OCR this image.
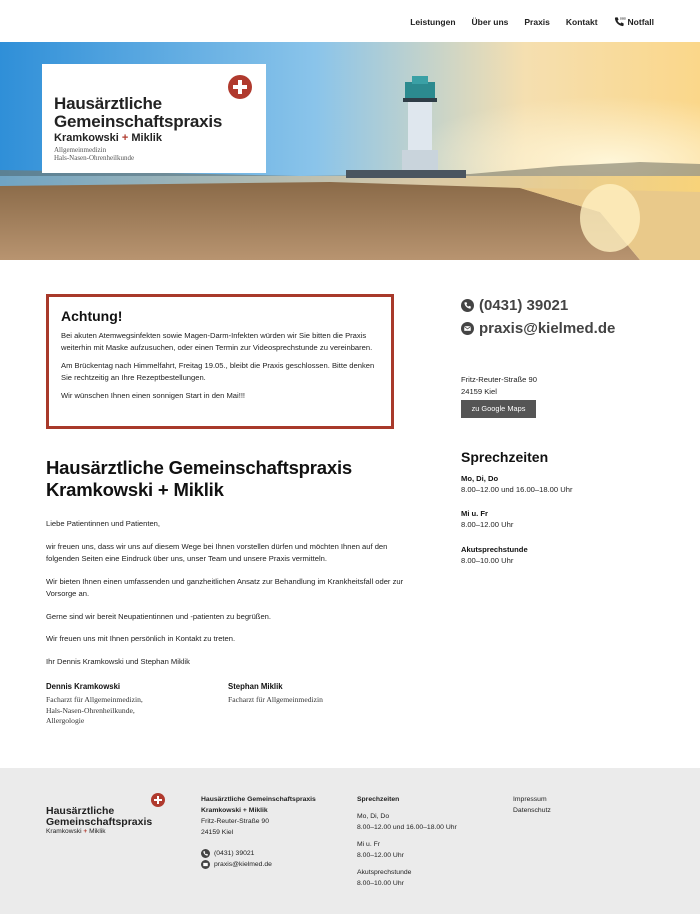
Leistungen Über uns Praxis Kontakt	SOS Notfall
Hausärztliche
Gemeinschaftspraxis
Kramkowski + Miklik
Allgemeinmedizin
Hals-Nasen-Ohrenheilkunde
Achtung!

Bei akuten Atemwegsinfekten sowie Magen-Darm-Infekten würden wir Sie bitten die Praxis weiterhin mit Maske aufzusuchen, oder einen Termin zur Videosprechstunde zu vereinbaren.

Am Brückentag nach Himmelfahrt, Freitag 19.05., bleibt die Praxis geschlossen. Bitte denken Sie rechtzeitig an Ihre Rezeptbestellungen.

Wir wünschen Ihnen einen sonnigen Start in den Mai!!!

Hausärztliche Gemeinschaftspraxis
Kramkowski + Miklik

Liebe Patientinnen und Patienten,

wir freuen uns, dass wir uns auf diesem Wege bei Ihnen vorstellen dürfen und möchten Ihnen auf den folgenden Seiten eine Eindruck über uns, unser Team und unsere Praxis vermitteln.

Wir bieten Ihnen einen umfassenden und ganzheitlichen Ansatz zur Behandlung im Krankheitsfall oder zur Vorsorge an.

Gerne sind wir bereit Neupatientinnen und -patienten zu begrüßen.

Wir freuen uns mit Ihnen persönlich in Kontakt zu treten.

Ihr Dennis Kramkowski und Stephan Miklik

Dennis Kramkowski
Facharzt für Allgemeinmedizin,
Hals-Nasen-Ohrenheilkunde,
Allergologie
Stephan Miklik
Facharzt für Allgemeinmedizin
(0431) 39021
praxis@kielmed.de
Fritz-Reuter-Straße 90
24159 Kiel
zu Google Maps
Sprechzeiten
Mo, Di, Do
8.00–12.00 und 16.00–18.00 Uhr
Mi u. Fr
8.00–12.00 Uhr
Akutsprechstunde
8.00–10.00 Uhr
Hausärztliche
Gemeinschaftspraxis
Kramkowski + Miklik
Hausärztliche Gemeinschaftspraxis
Kramkowski + Miklik
Fritz-Reuter-Straße 90
24159 Kiel
(0431) 39021
praxis@kielmed.de
Sprechzeiten
Mo, Di, Do
8.00–12.00 und 16.00–18.00 Uhr
Mi u. Fr
8.00–12.00 Uhr
Akutsprechstunde
8.00–10.00 Uhr
Impressum
Datenschutz
